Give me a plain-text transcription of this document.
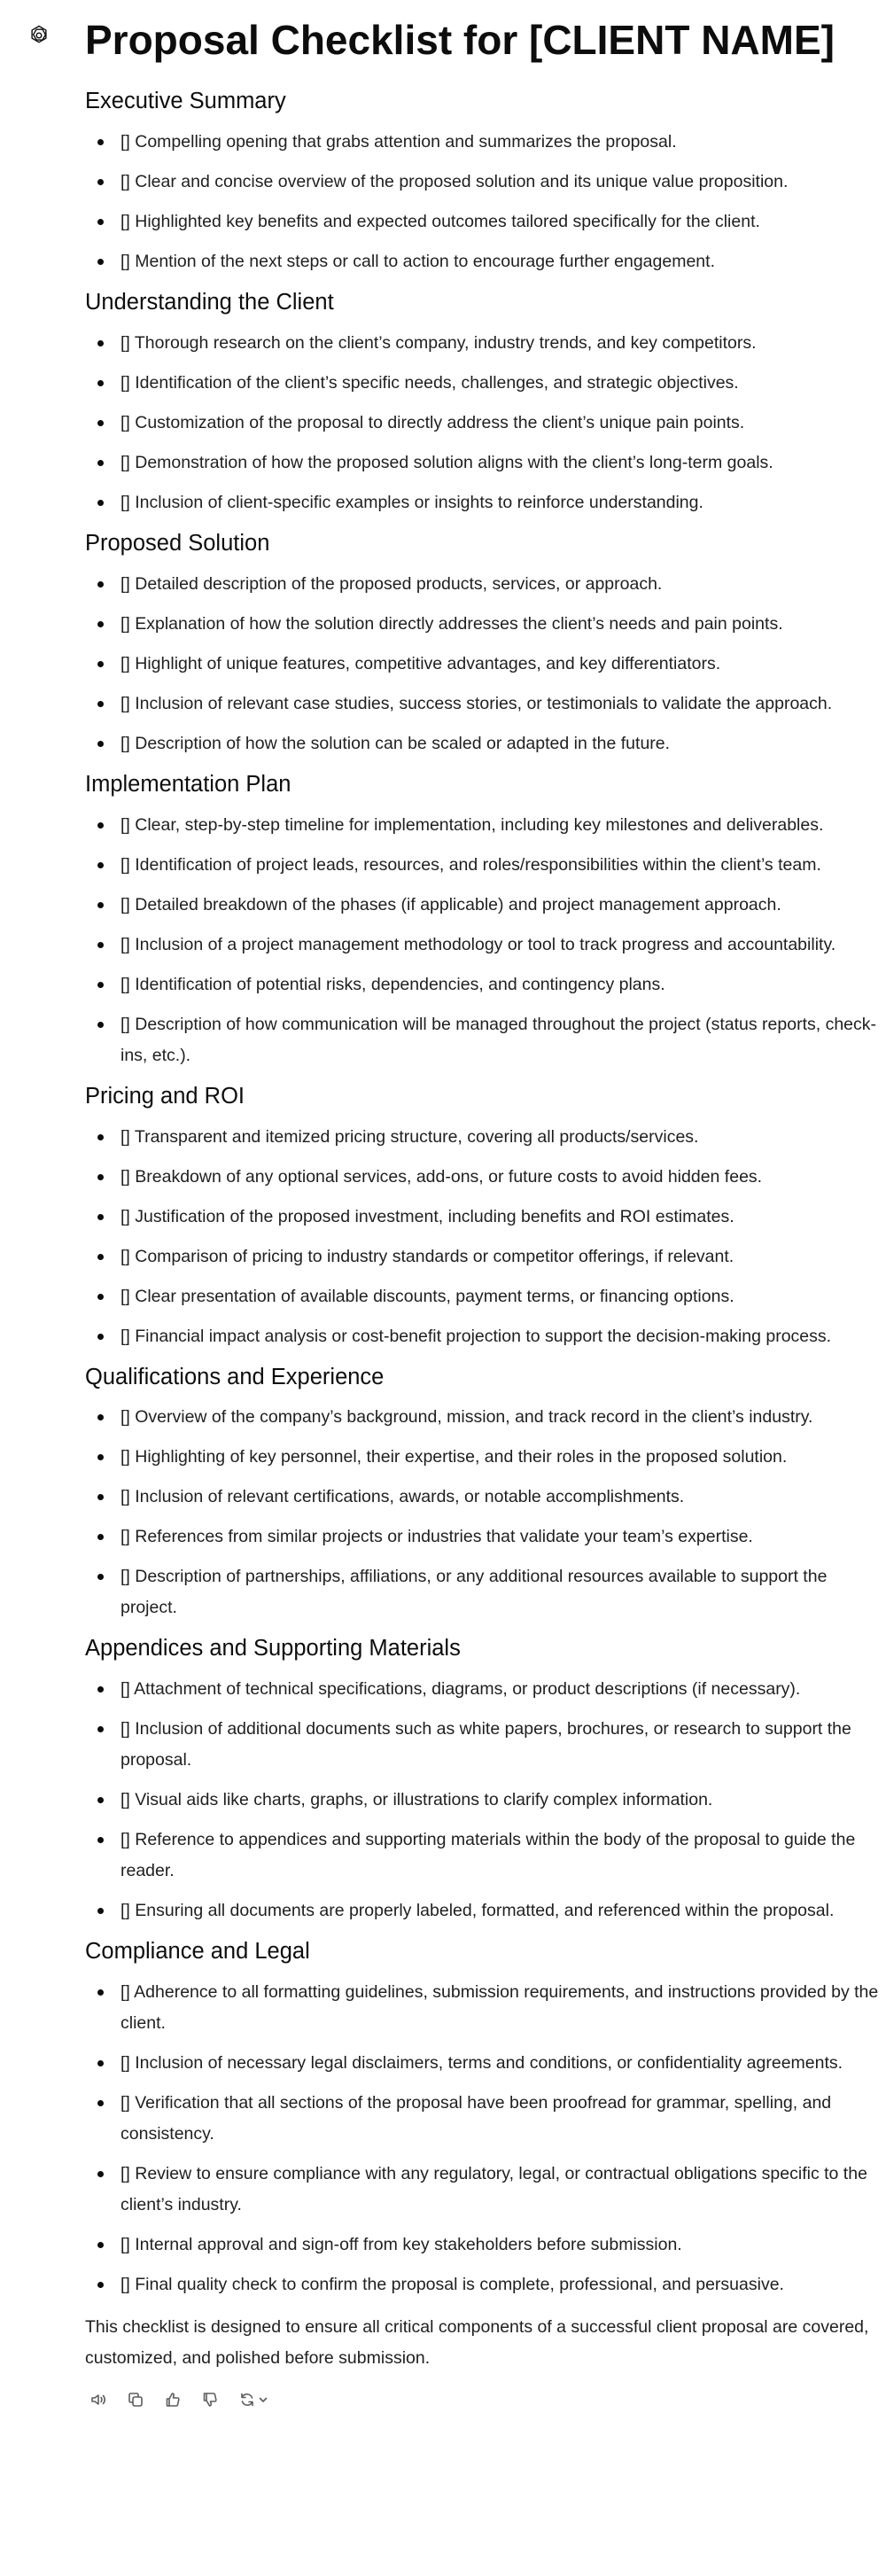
Proposal Checklist for [CLIENT NAME]
Executive Summary
[] Compelling opening that grabs attention and summarizes the proposal.
[] Clear and concise overview of the proposed solution and its unique value proposition.
[] Highlighted key benefits and expected outcomes tailored specifically for the client.
[] Mention of the next steps or call to action to encourage further engagement.
Understanding the Client
[] Thorough research on the client’s company, industry trends, and key competitors.
[] Identification of the client’s specific needs, challenges, and strategic objectives.
[] Customization of the proposal to directly address the client’s unique pain points.
[] Demonstration of how the proposed solution aligns with the client’s long-term goals.
[] Inclusion of client-specific examples or insights to reinforce understanding.
Proposed Solution
[] Detailed description of the proposed products, services, or approach.
[] Explanation of how the solution directly addresses the client’s needs and pain points.
[] Highlight of unique features, competitive advantages, and key differentiators.
[] Inclusion of relevant case studies, success stories, or testimonials to validate the approach.
[] Description of how the solution can be scaled or adapted in the future.
Implementation Plan
[] Clear, step-by-step timeline for implementation, including key milestones and deliverables.
[] Identification of project leads, resources, and roles/responsibilities within the client’s team.
[] Detailed breakdown of the phases (if applicable) and project management approach.
[] Inclusion of a project management methodology or tool to track progress and accountability.
[] Identification of potential risks, dependencies, and contingency plans.
[] Description of how communication will be managed throughout the project (status reports, check-ins, etc.).
Pricing and ROI
[] Transparent and itemized pricing structure, covering all products/services.
[] Breakdown of any optional services, add-ons, or future costs to avoid hidden fees.
[] Justification of the proposed investment, including benefits and ROI estimates.
[] Comparison of pricing to industry standards or competitor offerings, if relevant.
[] Clear presentation of available discounts, payment terms, or financing options.
[] Financial impact analysis or cost-benefit projection to support the decision-making process.
Qualifications and Experience
[] Overview of the company’s background, mission, and track record in the client’s industry.
[] Highlighting of key personnel, their expertise, and their roles in the proposed solution.
[] Inclusion of relevant certifications, awards, or notable accomplishments.
[] References from similar projects or industries that validate your team’s expertise.
[] Description of partnerships, affiliations, or any additional resources available to support the project.
Appendices and Supporting Materials
[] Attachment of technical specifications, diagrams, or product descriptions (if necessary).
[] Inclusion of additional documents such as white papers, brochures, or research to support the proposal.
[] Visual aids like charts, graphs, or illustrations to clarify complex information.
[] Reference to appendices and supporting materials within the body of the proposal to guide the reader.
[] Ensuring all documents are properly labeled, formatted, and referenced within the proposal.
Compliance and Legal
[] Adherence to all formatting guidelines, submission requirements, and instructions provided by the client.
[] Inclusion of necessary legal disclaimers, terms and conditions, or confidentiality agreements.
[] Verification that all sections of the proposal have been proofread for grammar, spelling, and consistency.
[] Review to ensure compliance with any regulatory, legal, or contractual obligations specific to the client’s industry.
[] Internal approval and sign-off from key stakeholders before submission.
[] Final quality check to confirm the proposal is complete, professional, and persuasive.

This checklist is designed to ensure all critical components of a successful client proposal are covered, customized, and polished before submission.
